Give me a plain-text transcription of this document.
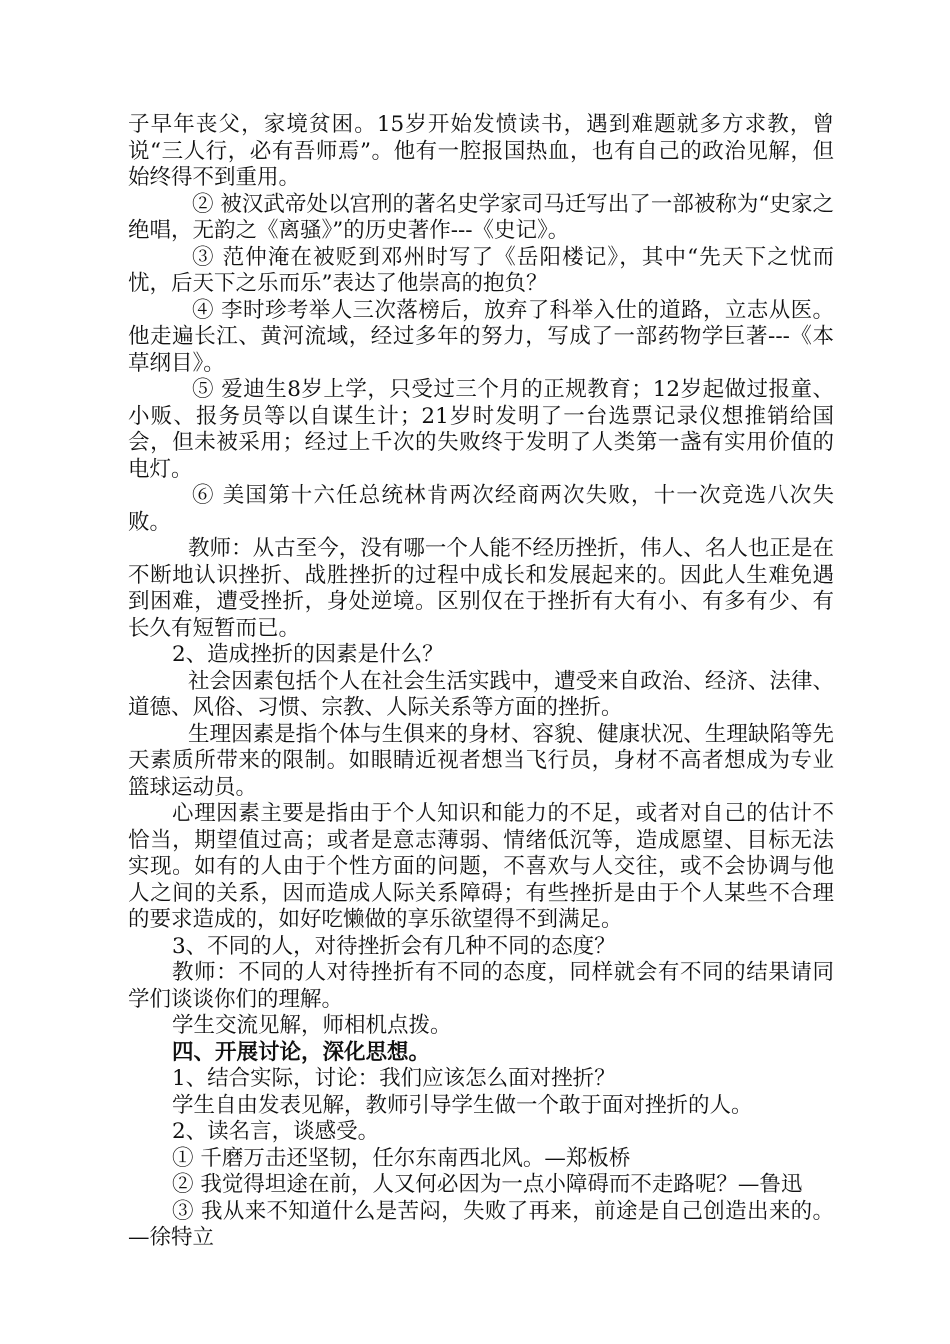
子早年丧父，家境贫困。15岁开始发愤读书，遇到难题就多方求教，曾说“三人行，必有吾师焉”。他有一腔报国热血，也有自己的政治见解，但始终得不到重用。

② 被汉武帝处以宫刑的著名史学家司马迁写出了一部被称为“史家之绝唱，无韵之《离骚》”的历史著作---《史记》。

③ 范仲淹在被贬到邓州时写了《岳阳楼记》，其中“先天下之忧而忧，后天下之乐而乐”表达了他崇高的抱负？

④ 李时珍考举人三次落榜后，放弃了科举入仕的道路，立志从医。他走遍长江、黄河流域，经过多年的努力，写成了一部药物学巨著---《本草纲目》。

⑤ 爱迪生8岁上学，只受过三个月的正规教育；12岁起做过报童、小贩、报务员等以自谋生计；21岁时发明了一台选票记录仪想推销给国会，但未被采用；经过上千次的失败终于发明了人类第一盏有实用价值的电灯。

⑥ 美国第十六任总统林肯两次经商两次失败，十一次竞选八次失败。

教师：从古至今，没有哪一个人能不经历挫折，伟人、名人也正是在不断地认识挫折、战胜挫折的过程中成长和发展起来的。因此人生难免遇到困难，遭受挫折，身处逆境。区别仅在于挫折有大有小、有多有少、有长久有短暂而已。

2、造成挫折的因素是什么？

社会因素包括个人在社会生活实践中，遭受来自政治、经济、法律、道德、风俗、习惯、宗教、人际关系等方面的挫折。

生理因素是指个体与生俱来的身材、容貌、健康状况、生理缺陷等先天素质所带来的限制。如眼睛近视者想当飞行员，身材不高者想成为专业篮球运动员。

心理因素主要是指由于个人知识和能力的不足，或者对自己的估计不恰当，期望值过高；或者是意志薄弱、情绪低沉等，造成愿望、目标无法实现。如有的人由于个性方面的问题，不喜欢与人交往，或不会协调与他人之间的关系，因而造成人际关系障碍；有些挫折是由于个人某些不合理的要求造成的，如好吃懒做的享乐欲望得不到满足。

3、不同的人，对待挫折会有几种不同的态度？

教师：不同的人对待挫折有不同的态度，同样就会有不同的结果请同学们谈谈你们的理解。

学生交流见解，师相机点拨。

四、开展讨论，深化思想。

1、结合实际，讨论：我们应该怎么面对挫折？

学生自由发表见解，教师引导学生做一个敢于面对挫折的人。

2、读名言，谈感受。

① 千磨万击还坚韧，任尔东南西北风。—郑板桥

② 我觉得坦途在前，人又何必因为一点小障碍而不走路呢？—鲁迅

③ 我从来不知道什么是苦闷，失败了再来，前途是自己创造出来的。—徐特立
